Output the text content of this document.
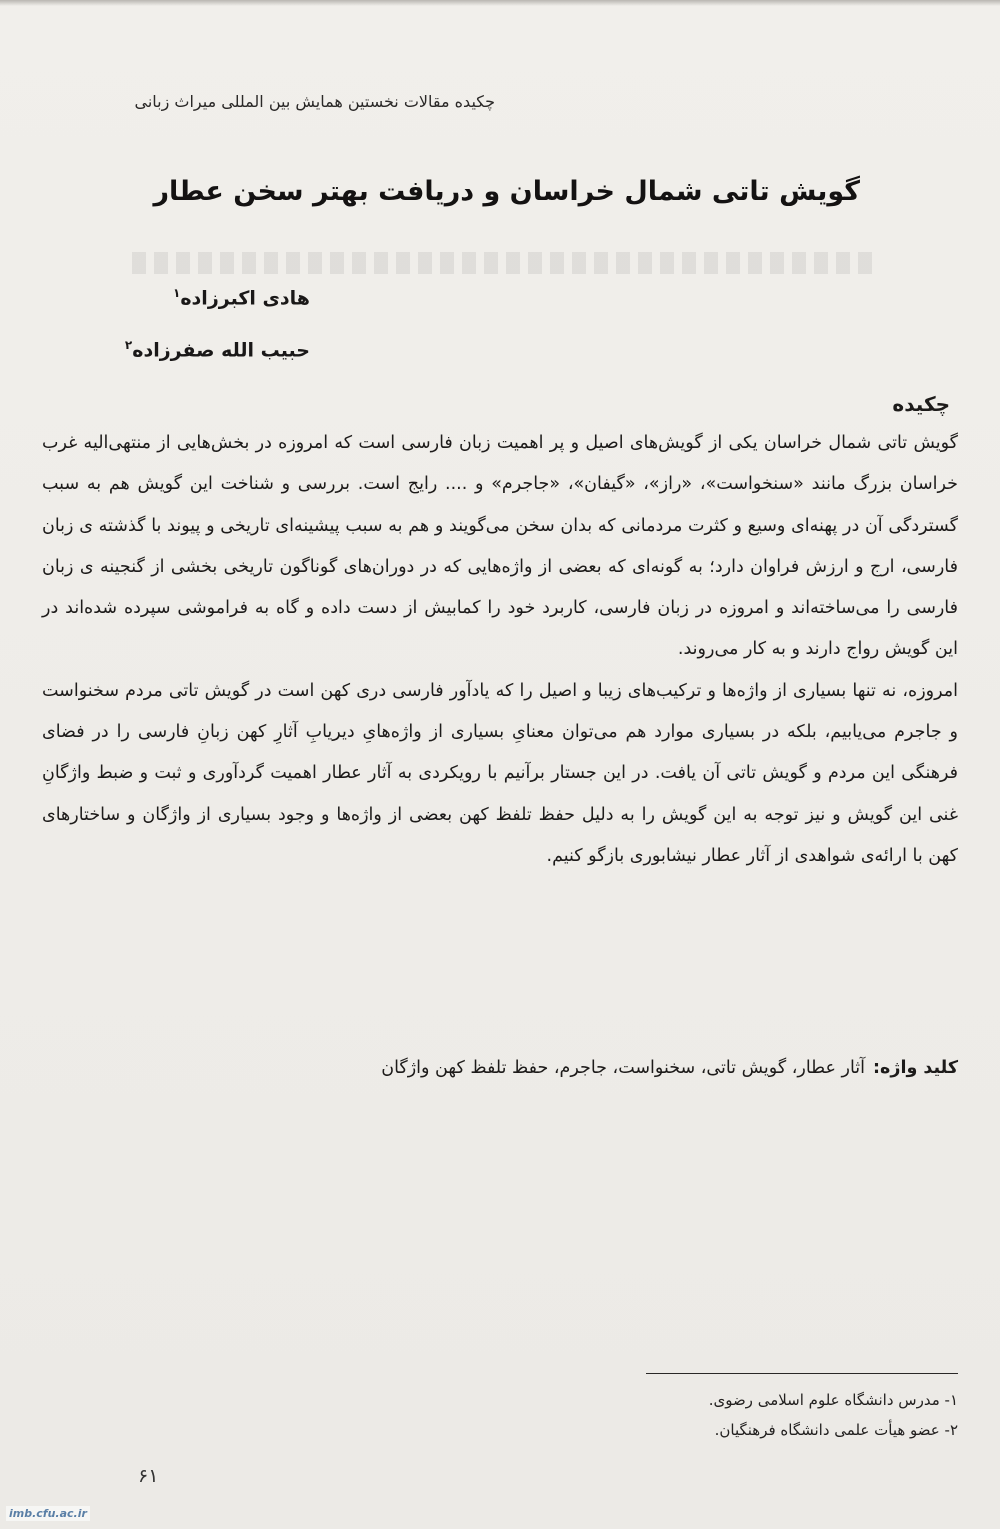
چکیده مقالات نخستین همایش بین المللی میراث زبانی
گویش تاتی شمال خراسان و دریافت بهتر سخن عطار
هادی اکبرزاده$^۱$
حبیب الله صفرزاده$^۲$
چکیده

گویش تاتی شمال خراسان یکی از گویش‌های اصیل و پر اهمیت زبان فارسی است که امروزه در بخش‌هایی از منتهی‌الیه غرب خراسان بزرگ مانند «سنخواست»، «راز»، «گیفان»، «جاجرم» و .... رایج است. بررسی و شناخت این گویش هم به سبب گستردگی آن در پهنه‌ای وسیع و کثرت مردمانی که بدان سخن می‌گویند و هم به سبب پیشینه‌ای تاریخی و پیوند با گذشته ی زبان فارسی، ارج و ارزش فراوان دارد؛ به گونه‌ای که بعضی از واژه‌هایی که در دوران‌های گوناگون تاریخی بخشی از گنجینه ی زبان فارسی را می‌ساخته‌اند و امروزه در زبان فارسی، کاربرد خود را کمابیش از دست داده و گاه به فراموشی سپرده شده‌اند در این گویش رواج دارند و به کار می‌روند.

امروزه، نه تنها بسیاری از واژه‌ها و ترکیب‌های زیبا و اصیل را که یادآور فارسی دری کهن است در گویش تاتی مردم سخنواست و جاجرم می‌یابیم، بلکه در بسیاری موارد هم می‌توان معنایِ بسیاری از واژه‌هایِ دیریابِ آثارِ کهن زبانِ فارسی را در فضای فرهنگی این مردم و گویش تاتی آن یافت. در این جستار برآنیم با رویکردی به آثار عطار اهمیت گردآوری و ثبت و ضبط واژگانِ غنی این گویش و نیز توجه به این گویش را به دلیل حفظ تلفظ کهن بعضی از واژه‌ها و وجود بسیاری از واژگان و ساختارهای کهن با ارائه‌ی شواهدی از آثار عطار نیشابوری بازگو کنیم.

کلید واژه:آثار عطار، گویش تاتی، سخنواست، جاجرم، حفظ تلفظ کهن واژگان
۱- مدرس دانشگاه علوم اسلامی رضوی.
۲- عضو هیأت علمی دانشگاه فرهنگیان.
۶۱
imb.cfu.ac.ir
